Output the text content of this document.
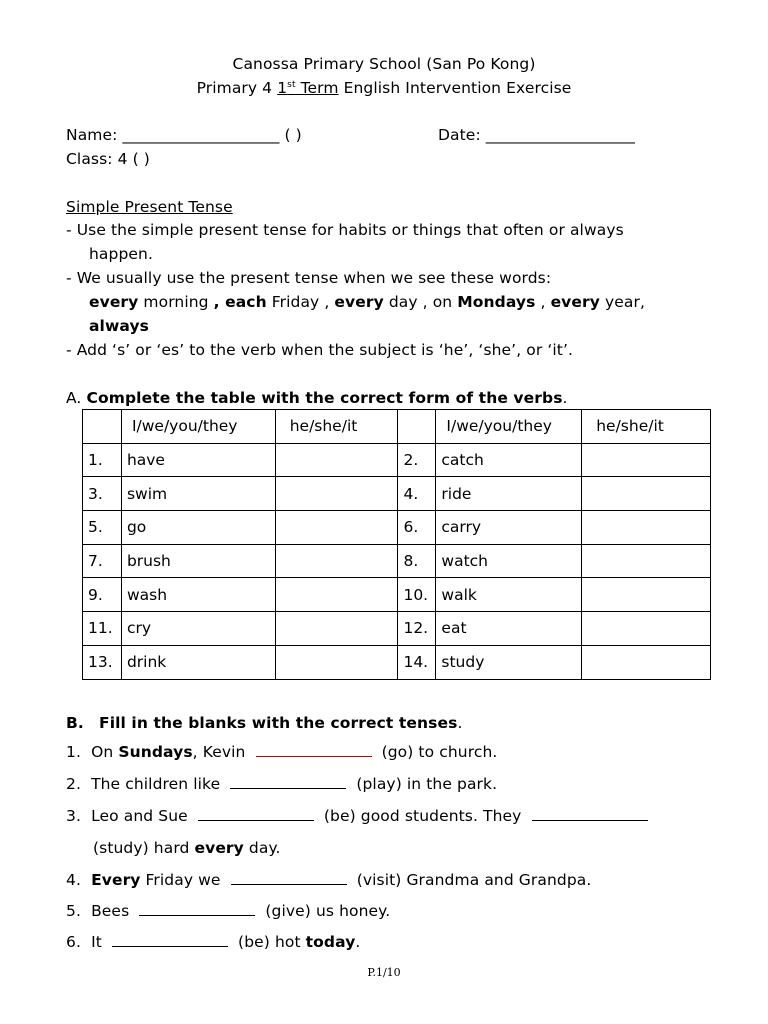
Canossa Primary School (San Po Kong)
Primary 4 1st Term English Intervention Exercise
Name: ____________________ ( )	Date: ___________________
Class: 4 ( )
Simple Present Tense
- Use the simple present tense for habits or things that often or always
happen.
- We usually use the present tense when we see these words:
every morning , each Friday , every day , on Mondays , every year,
always
- Add ‘s’ or ‘es’ to the verb when the subject is ‘he’, ‘she’, or ‘it’.
A. Complete the table with the correct form of the verbs.
	I/we/you/they	he/she/it		I/we/you/they	he/she/it
1.	have		2.	catch	
3.	swim		4.	ride	
5.	go		6.	carry	
7.	brush		8.	watch	
9.	wash		10.	walk	
11.	cry		12.	eat	
13.	drink		14.	study	
B. Fill in the blanks with the correct tenses.
1. On Sundays, Kevin	(go) to church.
2. The children like	(play) in the park.
3. Leo and Sue	(be) good students. They
(study) hard every day.
4. Every Friday we	(visit) Grandma and Grandpa.
5. Bees	(give) us honey.
6. It	(be) hot today.
P.1/10
